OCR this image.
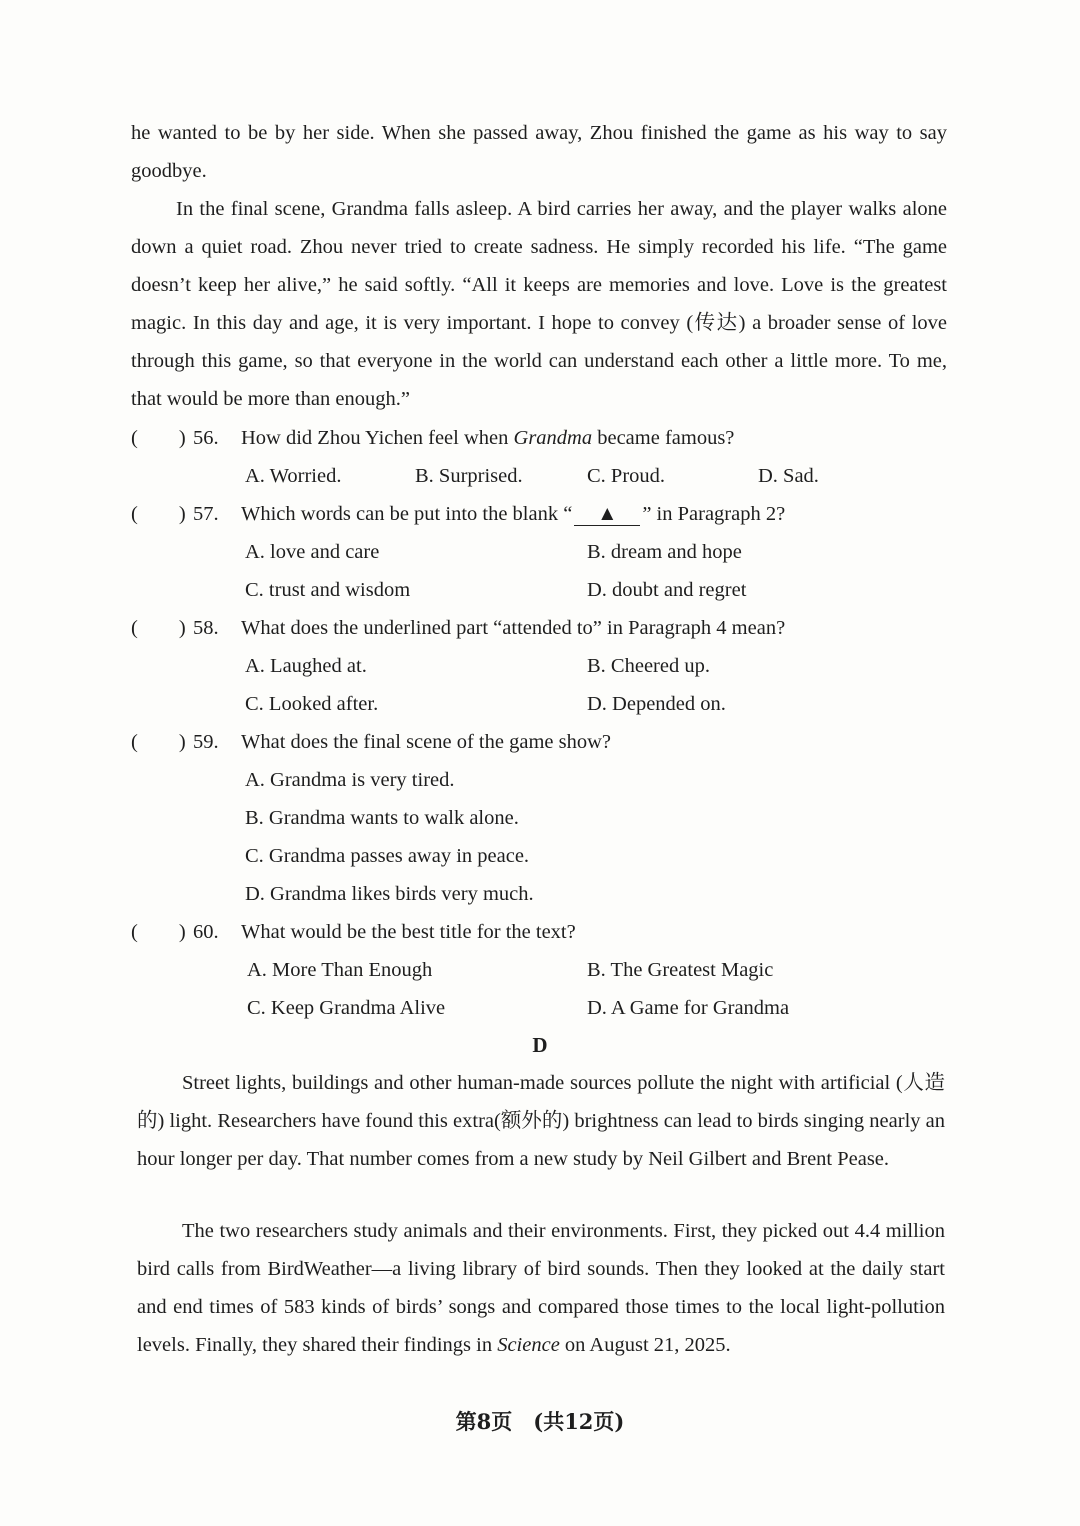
he wanted to be by her side. When she passed away, Zhou finished the game as his way to say goodbye.

In the final scene, Grandma falls asleep. A bird carries her away, and the player walks alone down a quiet road. Zhou never tried to create sadness. He simply recorded his life. “The game doesn’t keep her alive,” he said softly. “All it keeps are memories and love. Love is the greatest magic. In this day and age, it is very important. I hope to convey (传达) a broader sense of love through this game, so that everyone in the world can understand each other a little more. To me, that would be more than enough.”

(　　) 56. How did Zhou Yichen feel when Grandma became famous?
A. Worried.	B. Surprised.	C. Proud.	D. Sad.
(　　) 57. Which words can be put into the blank “ ▲ ” in Paragraph 2?
A. love and care	B. dream and hope
C. trust and wisdom	D. doubt and regret
(　　) 58. What does the underlined part “attended to” in Paragraph 4 mean?
A. Laughed at.	B. Cheered up.
C. Looked after.	D. Depended on.
(　　) 59. What does the final scene of the game show?
A. Grandma is very tired.
B. Grandma wants to walk alone.
C. Grandma passes away in peace.
D. Grandma likes birds very much.
(　　) 60. What would be the best title for the text?
A. More Than Enough	B. The Greatest Magic
C. Keep Grandma Alive	D. A Game for Grandma
D

Street lights, buildings and other human-made sources pollute the night with artificial (人造的) light. Researchers have found this extra(额外的) brightness can lead to birds singing nearly an hour longer per day. That number comes from a new study by Neil Gilbert and Brent Pease.

The two researchers study animals and their environments. First, they picked out 4.4 million bird calls from BirdWeather—a living library of bird sounds. Then they looked at the daily start and end times of 583 kinds of birds’ songs and compared those times to the local light-pollution levels. Finally, they shared their findings in Science on August 21, 2025.

第8页　(共12页)
